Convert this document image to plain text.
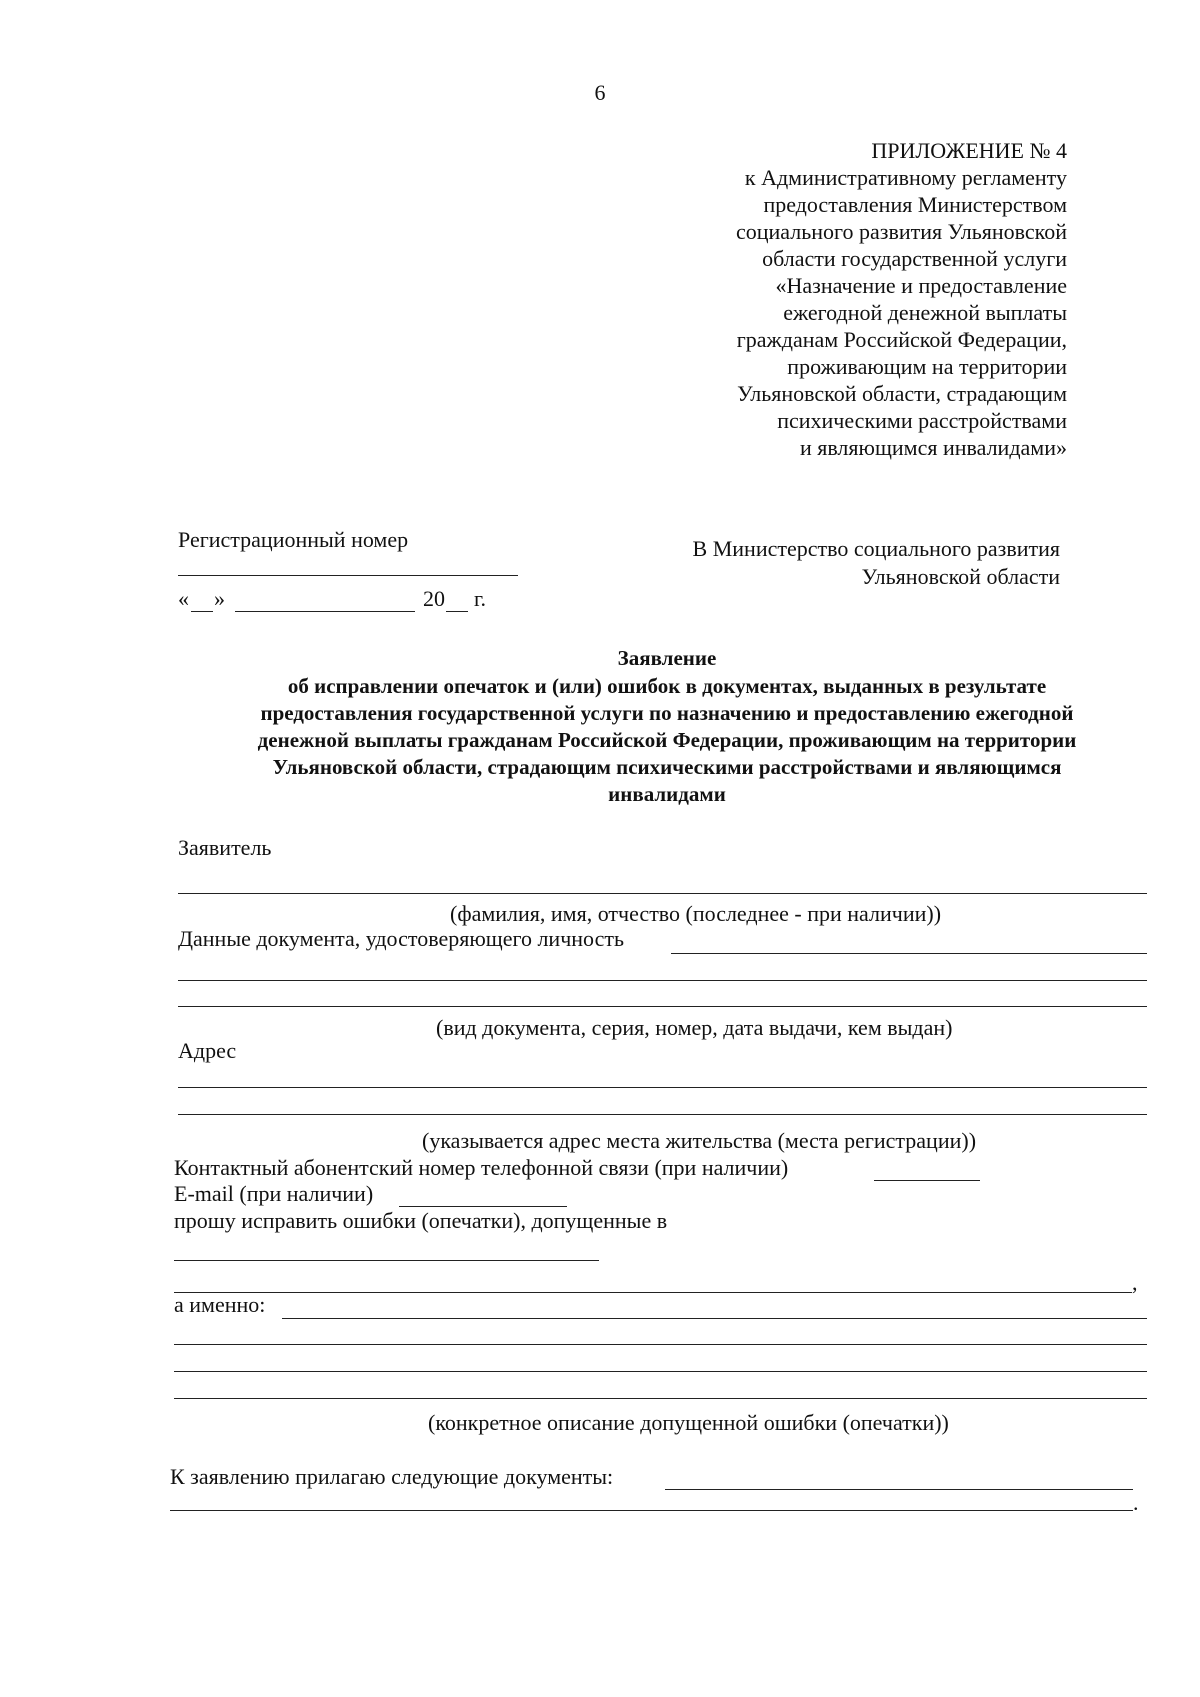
6
ПРИЛОЖЕНИЕ № 4
к Административному регламенту
предоставления Министерством
социального развития Ульяновской
области государственной услуги
«Назначение и предоставление
ежегодной денежной выплаты
гражданам Российской Федерации,
проживающим на территории
Ульяновской области, страдающим
психическими расстройствами
и являющимся инвалидами»
Регистрационный номер
« »	20 г.
В Министерство социального развития
Ульяновской области
Заявление
об исправлении опечаток и (или) ошибок в документах, выданных в результате
предоставления государственной услуги по назначению и предоставлению ежегодной
денежной выплаты гражданам Российской Федерации, проживающим на территории
Ульяновской области, страдающим психическими расстройствами и являющимся
инвалидами
Заявитель
(фамилия, имя, отчество (последнее - при наличии))
Данные документа, удостоверяющего личность
(вид документа, серия, номер, дата выдачи, кем выдан)
Адрес
(указывается адрес места жительства (места регистрации))
Контактный абонентский номер телефонной связи (при наличии)
E-mail (при наличии)
прошу исправить ошибки (опечатки), допущенные в
,
а именно:
(конкретное описание допущенной ошибки (опечатки))
К заявлению прилагаю следующие документы:
.
